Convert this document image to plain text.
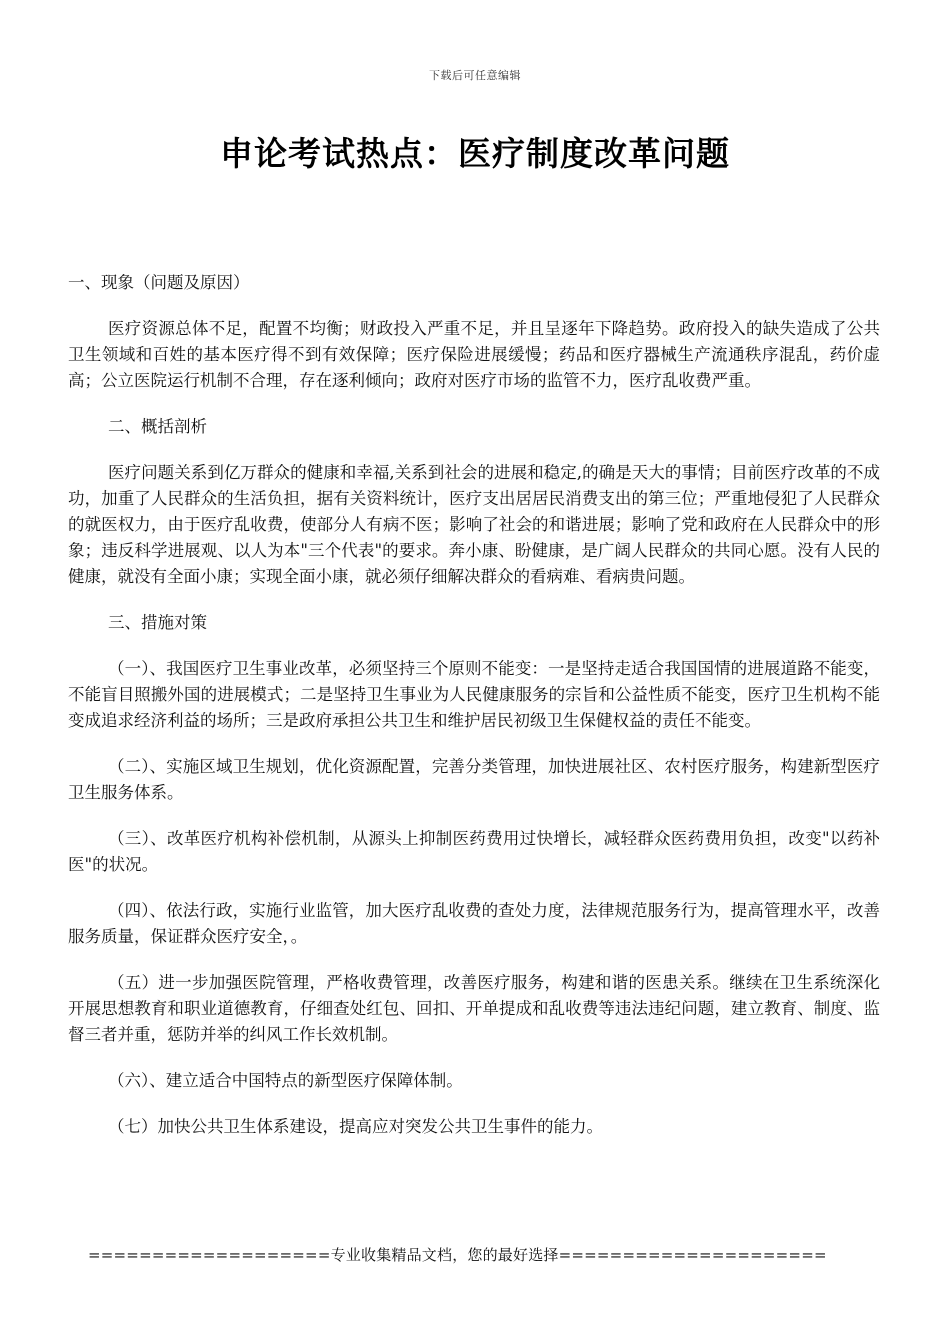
下载后可任意编辑
申论考试热点：医疗制度改革问题

一、现象（问题及原因）

医疗资源总体不足，配置不均衡；财政投入严重不足，并且呈逐年下降趋势。政府投入的缺失造成了公共卫生领域和百姓的基本医疗得不到有效保障；医疗保险进展缓慢；药品和医疗器械生产流通秩序混乱，药价虚高；公立医院运行机制不合理，存在逐利倾向；政府对医疗市场的监管不力，医疗乱收费严重。

二、概括剖析

医疗问题关系到亿万群众的健康和幸福,关系到社会的进展和稳定,的确是天大的事情；目前医疗改革的不成功，加重了人民群众的生活负担，据有关资料统计，医疗支出居居民消费支出的第三位；严重地侵犯了人民群众的就医权力，由于医疗乱收费，使部分人有病不医；影响了社会的和谐进展；影响了党和政府在人民群众中的形象；违反科学进展观、以人为本"三个代表"的要求。奔小康、盼健康，是广阔人民群众的共同心愿。没有人民的健康，就没有全面小康；实现全面小康，就必须仔细解决群众的看病难、看病贵问题。

三、措施对策

（一）、我国医疗卫生事业改革，必须坚持三个原则不能变：一是坚持走适合我国国情的进展道路不能变，不能盲目照搬外国的进展模式；二是坚持卫生事业为人民健康服务的宗旨和公益性质不能变，医疗卫生机构不能变成追求经济利益的场所；三是政府承担公共卫生和维护居民初级卫生保健权益的责任不能变。

（二）、实施区域卫生规划，优化资源配置，完善分类管理，加快进展社区、农村医疗服务，构建新型医疗卫生服务体系。

（三）、改革医疗机构补偿机制，从源头上抑制医药费用过快增长，减轻群众医药费用负担，改变"以药补医"的状况。

（四）、依法行政，实施行业监管，加大医疗乱收费的查处力度，法律规范服务行为，提高管理水平，改善服务质量，保证群众医疗安全，。

（五）进一步加强医院管理，严格收费管理，改善医疗服务，构建和谐的医患关系。继续在卫生系统深化开展思想教育和职业道德教育，仔细查处红包、回扣、开单提成和乱收费等违法违纪问题，建立教育、制度、监督三者并重，惩防并举的纠风工作长效机制。

（六）、建立适合中国特点的新型医疗保障体制。

（七）加快公共卫生体系建设，提高应对突发公共卫生事件的能力。

===================专业收集精品文档，您的最好选择=====================
